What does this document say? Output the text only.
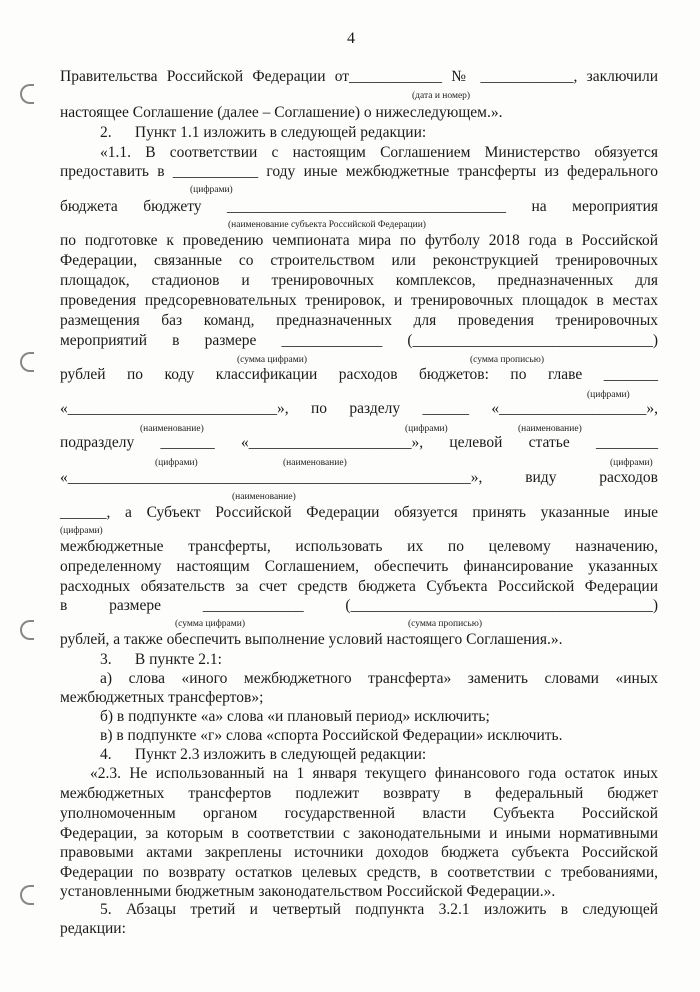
4
Правительства Российской Федерации от____________ № ____________, заключили
(дата и номер)
настоящее Соглашение (далее – Соглашение) о нижеследующем.».
2.      Пункт 1.1 изложить в следующей редакции:
«1.1. В соответствии с настоящим Соглашением Министерство обязуется
предоставить в ___________ году иные межбюджетные трансферты из федерального
(цифрами)
бюджета бюджету ____________________________________ на мероприятия
(наименование субъекта Российской Федерации)
по подготовке к проведению чемпионата мира по футболу 2018 года в Российской
Федерации, связанные со строительством или реконструкцией тренировочных
площадок, стадионов и тренировочных комплексов, предназначенных для
проведения предсоревновательных тренировок, и тренировочных площадок в местах
размещения баз команд, предназначенных для проведения тренировочных
мероприятий в размере _____________ (_______________________________)
(сумма цифрами)	(сумма прописью)
рублей по коду классификации расходов бюджетов: по главе _______
(цифрами)
«___________________________», по разделу ______ «___________________»,
(наименование)	(цифрами)	(наименование)
подразделу _______ «_____________________», целевой статье ________
(цифрами)	(наименование)	(цифрами)
«____________________________________________________», виду расходов
(наименование)
______, а Субъект Российской Федерации обязуется принять указанные иные
(цифрами)
межбюджетные трансферты, использовать их по целевому назначению,
определенному настоящим Соглашением, обеспечить финансирование указанных
расходных обязательств за счет средств бюджета Субъекта Российской Федерации
в размере _____________ (_______________________________________)
(сумма цифрами)	(сумма прописью)
рублей, а также обеспечить выполнение условий настоящего Соглашения.».
3.      В пункте 2.1:
а) слова «иного межбюджетного трансферта» заменить словами «иных
межбюджетных трансфертов»;
б) в подпункте «а» слова «и плановый период» исключить;
в) в подпункте «г» слова «спорта Российской Федерации» исключить.
4.      Пункт 2.3 изложить в следующей редакции:
«2.3. Не использованный на 1 января текущего финансового года остаток иных
межбюджетных трансфертов подлежит возврату в федеральный бюджет
уполномоченным органом государственной власти Субъекта Российской
Федерации, за которым в соответствии с законодательными и иными нормативными
правовыми актами закреплены источники доходов бюджета субъекта Российской
Федерации по возврату остатков целевых средств, в соответствии с требованиями,
установленными бюджетным законодательством Российской Федерации.».
5. Абзацы третий и четвертый подпункта 3.2.1 изложить в следующей
редакции:
